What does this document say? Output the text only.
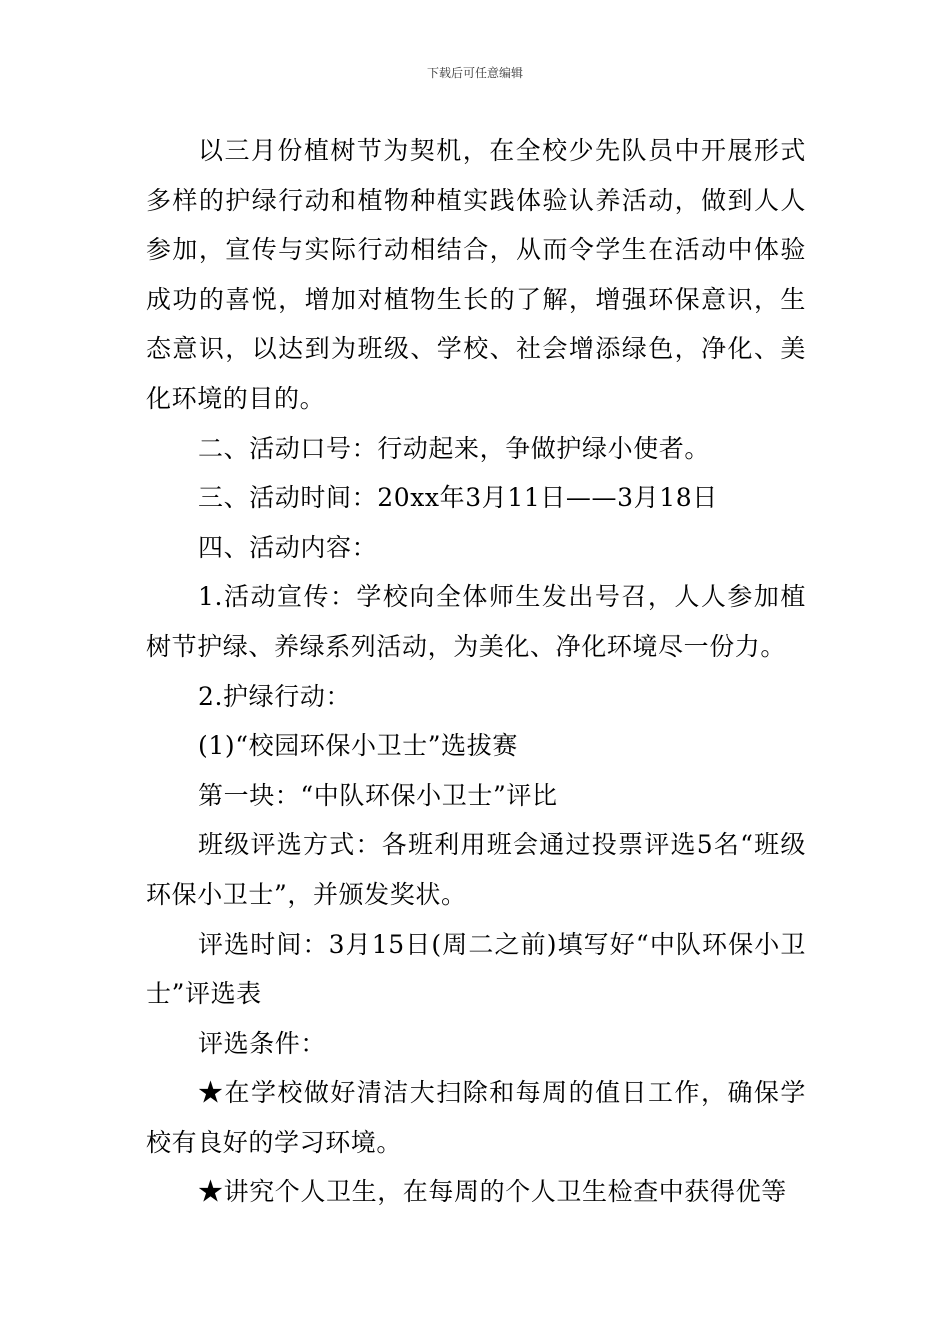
下载后可任意编辑

以三月份植树节为契机，在全校少先队员中开展形式多样的护绿行动和植物种植实践体验认养活动，做到人人参加，宣传与实际行动相结合，从而令学生在活动中体验成功的喜悦，增加对植物生长的了解，增强环保意识，生态意识，以达到为班级、学校、社会增添绿色，净化、美化环境的目的。

二、活动口号：行动起来，争做护绿小使者。

三、活动时间：20xx年3月11日——3月18日

四、活动内容：

1.活动宣传：学校向全体师生发出号召，人人参加植树节护绿、养绿系列活动，为美化、净化环境尽一份力。

2.护绿行动：

(1)“校园环保小卫士”选拔赛

第一块：“中队环保小卫士”评比

班级评选方式：各班利用班会通过投票评选5名“班级环保小卫士”，并颁发奖状。

评选时间：3月15日(周二之前)填写好“中队环保小卫士”评选表

评选条件：

★在学校做好清洁大扫除和每周的值日工作，确保学校有良好的学习环境。

★讲究个人卫生，在每周的个人卫生检查中获得优等
